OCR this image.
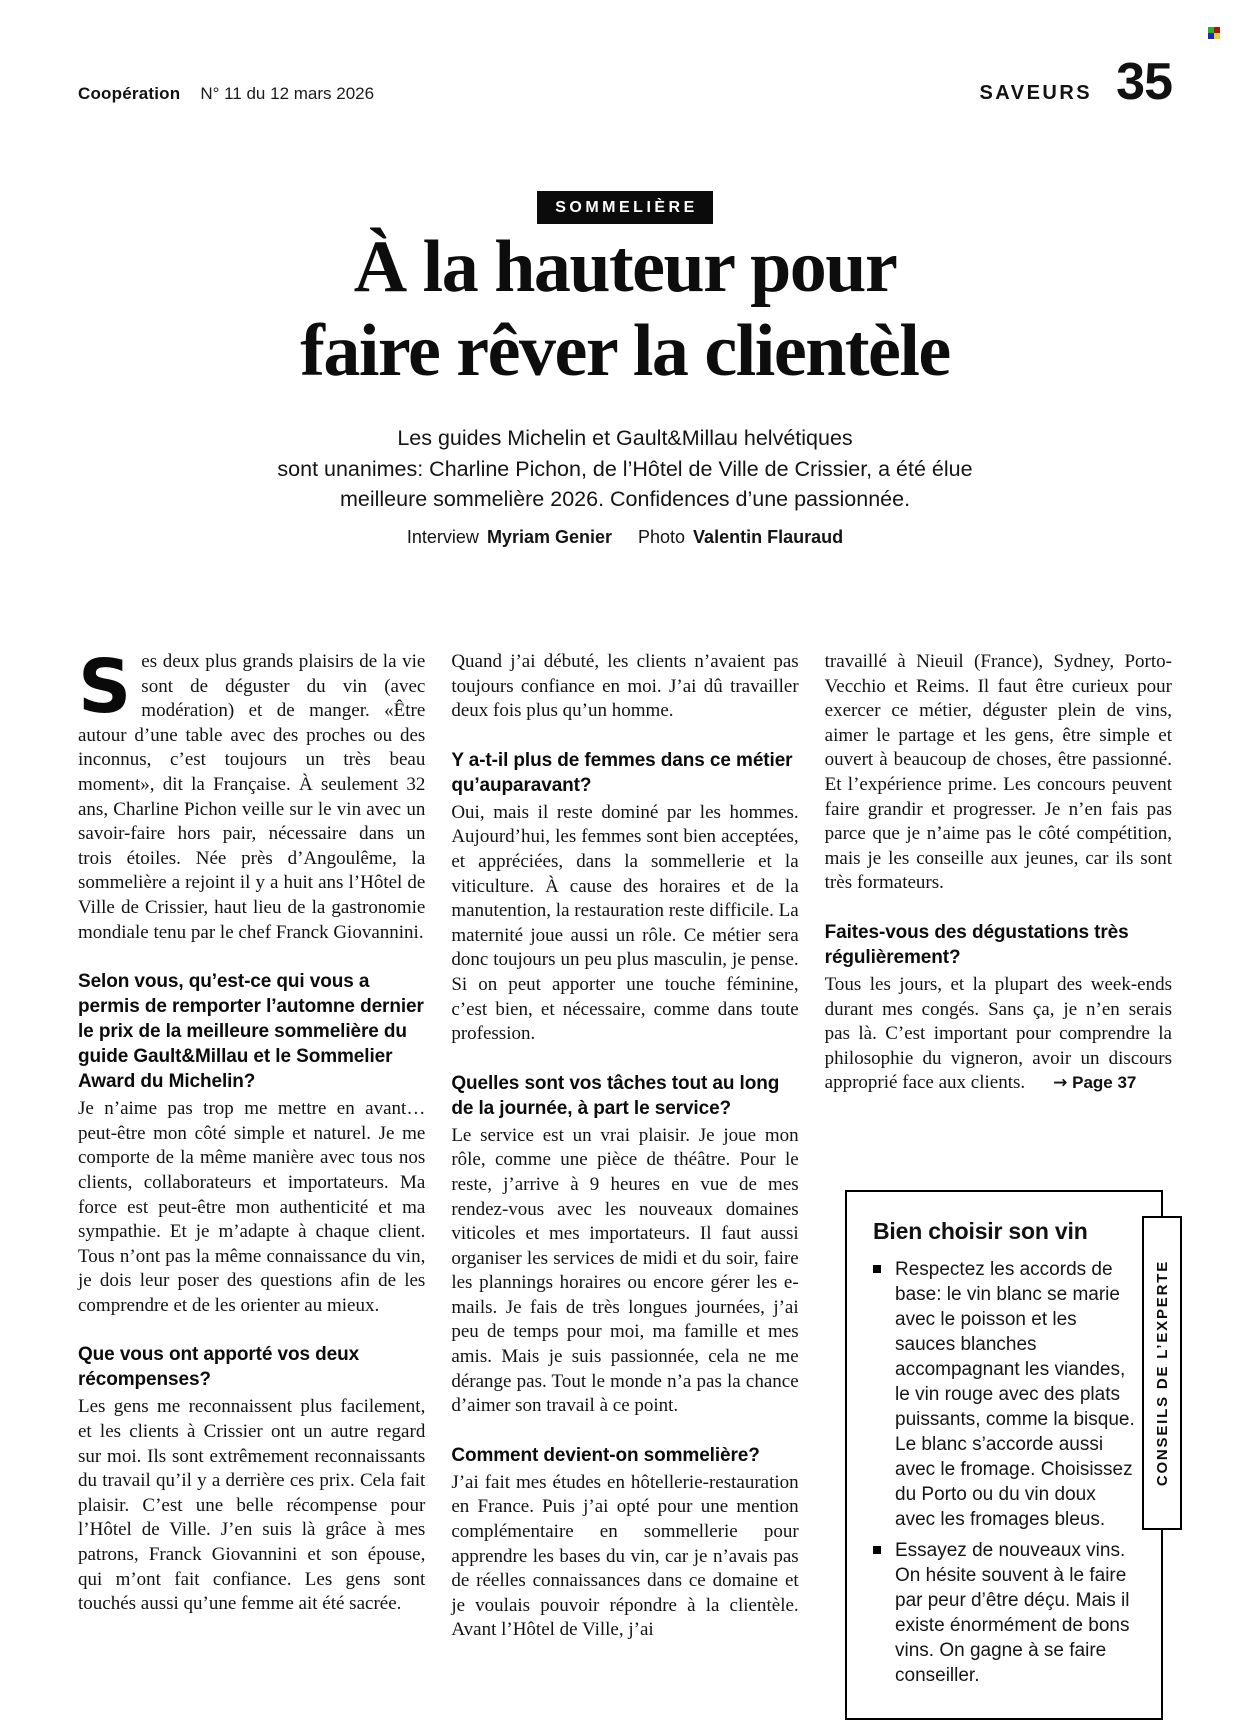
Coopération N° 11 du 12 mars 2026	SAVEURS 35
SOMMELIÈRE
À la hauteur pour
faire rêver la clientèle
Les guides Michelin et Gault&Millau helvétiques
sont unanimes: Charline Pichon, de l’Hôtel de Ville de Crissier, a été élue
meilleure sommelière 2026. Confidences d’une passionnée.
Interview Myriam Genier Photo Valentin Flauraud

Ses deux plus grands plaisirs de la vie sont de déguster du vin (avec modération) et de manger. «Être autour d’une table avec des proches ou des inconnus, c’est toujours un très beau moment», dit la Française. À seulement 32 ans, Charline Pichon veille sur le vin avec un savoir-faire hors pair, nécessaire dans un trois étoiles. Née près d’Angoulême, la sommelière a rejoint il y a huit ans l’Hôtel de Ville de Crissier, haut lieu de la gastronomie mondiale tenu par le chef Franck Giovannini.

Selon vous, qu’est-ce qui vous a permis de remporter l’automne dernier le prix de la meilleure sommelière du guide Gault&Millau et le Sommelier Award du Michelin?

Je n’aime pas trop me mettre en avant… peut-être mon côté simple et naturel. Je me comporte de la même manière avec tous nos clients, collaborateurs et importateurs. Ma force est peut-être mon authenticité et ma sympathie. Et je m’adapte à chaque client. Tous n’ont pas la même connaissance du vin, je dois leur poser des questions afin de les comprendre et de les orienter au mieux.

Que vous ont apporté vos deux récompenses?

Les gens me reconnaissent plus facilement, et les clients à Crissier ont un autre regard sur moi. Ils sont extrêmement reconnaissants du travail qu’il y a derrière ces prix. Cela fait plaisir. C’est une belle récompense pour l’Hôtel de Ville. J’en suis là grâce à mes patrons, Franck Giovannini et son épouse, qui m’ont fait confiance. Les gens sont touchés aussi qu’une femme ait été sacrée.

Quand j’ai débuté, les clients n’avaient pas toujours confiance en moi. J’ai dû travailler deux fois plus qu’un homme.

Y a-t-il plus de femmes dans ce métier qu’auparavant?

Oui, mais il reste dominé par les hommes. Aujourd’hui, les femmes sont bien acceptées, et appréciées, dans la sommellerie et la viticulture. À cause des horaires et de la manutention, la restauration reste difficile. La maternité joue aussi un rôle. Ce métier sera donc toujours un peu plus masculin, je pense. Si on peut apporter une touche féminine, c’est bien, et nécessaire, comme dans toute profession.

Quelles sont vos tâches tout au long de la journée, à part le service?

Le service est un vrai plaisir. Je joue mon rôle, comme une pièce de théâtre. Pour le reste, j’arrive à 9 heures en vue de mes rendez-vous avec les nouveaux domaines viticoles et mes importateurs. Il faut aussi organiser les services de midi et du soir, faire les plannings horaires ou encore gérer les e-mails. Je fais de très longues journées, j’ai peu de temps pour moi, ma famille et mes amis. Mais je suis passionnée, cela ne me dérange pas. Tout le monde n’a pas la chance d’aimer son travail à ce point.

Comment devient-on sommelière?

J’ai fait mes études en hôtellerie-restauration en France. Puis j’ai opté pour une mention complémentaire en sommellerie pour apprendre les bases du vin, car je n’avais pas de réelles connaissances dans ce domaine et je voulais pouvoir répondre à la clientèle. Avant l’Hôtel de Ville, j’ai

travaillé à Nieuil (France), Sydney, Porto-Vecchio et Reims. Il faut être curieux pour exercer ce métier, déguster plein de vins, aimer le partage et les gens, être simple et ouvert à beaucoup de choses, être passionné. Et l’expérience prime. Les concours peuvent faire grandir et progresser. Je n’en fais pas parce que je n’aime pas le côté compétition, mais je les conseille aux jeunes, car ils sont très formateurs.

Faites-vous des dégustations très régulièrement?

Tous les jours, et la plupart des week-ends durant mes congés. Sans ça, je n’en serais pas là. C’est important pour comprendre la philosophie du vigneron, avoir un discours approprié face aux clients. → Page 37

Bien choisir son vin
Respectez les accords de base: le vin blanc se marie avec le poisson et les sauces blanches accompagnant les viandes, le vin rouge avec des plats puissants, comme la bisque. Le blanc s’accorde aussi avec le fromage. Choisissez du Porto ou du vin doux avec les fromages bleus.
Essayez de nouveaux vins. On hésite souvent à le faire par peur d’être déçu. Mais il existe énormément de bons vins. On gagne à se faire conseiller.
CONSEILS DE L’EXPERTE
